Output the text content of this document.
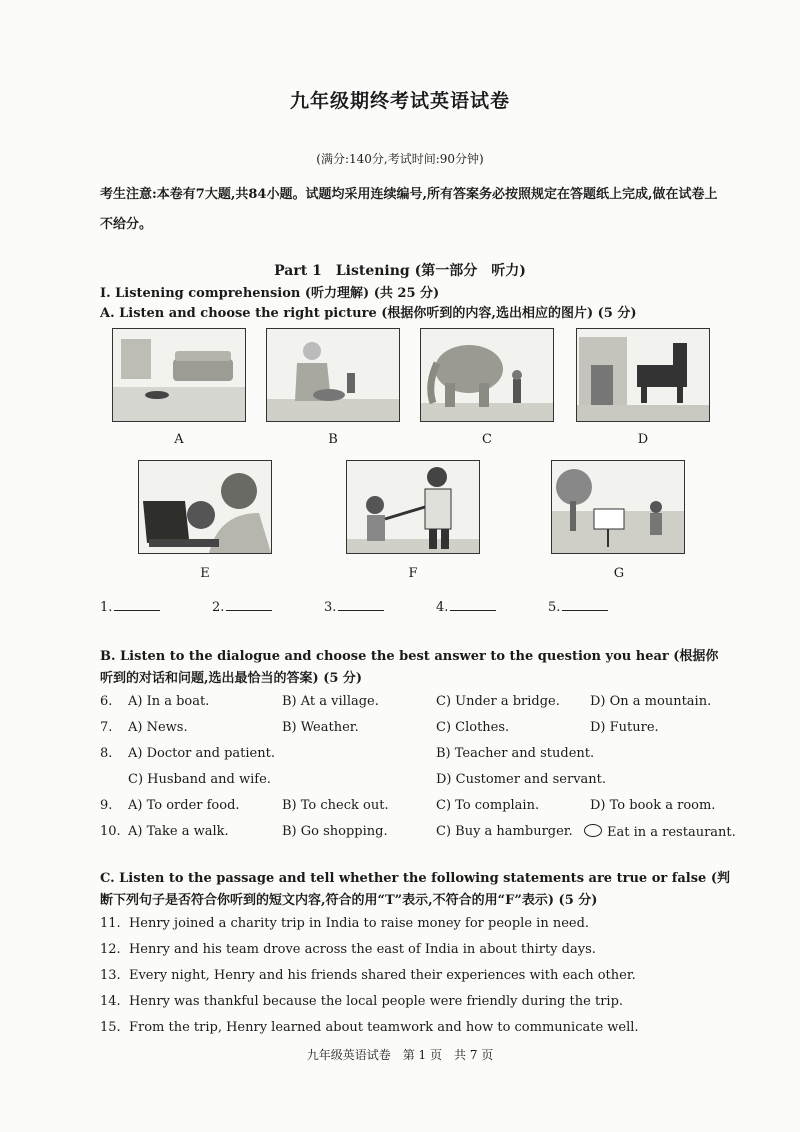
九年级期终考试英语试卷
(满分:140分,考试时间:90分钟)
考生注意:本卷有7大题,共84小题。试题均采用连续编号,所有答案务必按照规定在答题纸上完成,做在试卷上不给分。
Part 1　Listening (第一部分　听力)
I. Listening comprehension (听力理解) (共 25 分)
A. Listen and choose the right picture (根据你听到的内容,选出相应的图片) (5 分)
A	B	C	D
E	F	G
1.	2.	3.	4.	5.
B. Listen to the dialogue and choose the best answer to the question you hear (根据你听到的对话和问题,选出最恰当的答案) (5 分)
6. A) In a boat.	B) At a village.	C) Under a bridge. D) On a mountain.
7. A) News.	B) Weather.	C) Clothes.	D) Future.
8. A) Doctor and patient.	B) Teacher and student.
C) Husband and wife.	D) Customer and servant.
9. A) To order food.	B) To check out.	C) To complain.	D) To book a room.
10. A) Take a walk.	B) Go shopping.	C) Buy a hamburger.	Eat in a restaurant.
C. Listen to the passage and tell whether the following statements are true or false (判断下列句子是否符合你听到的短文内容,符合的用“T”表示,不符合的用“F”表示) (5 分)
11. Henry joined a charity trip in India to raise money for people in need.
12. Henry and his team drove across the east of India in about thirty days.
13. Every night, Henry and his friends shared their experiences with each other.
14. Henry was thankful because the local people were friendly during the trip.
15. From the trip, Henry learned about teamwork and how to communicate well.
九年级英语试卷　第 1 页　共 7 页
